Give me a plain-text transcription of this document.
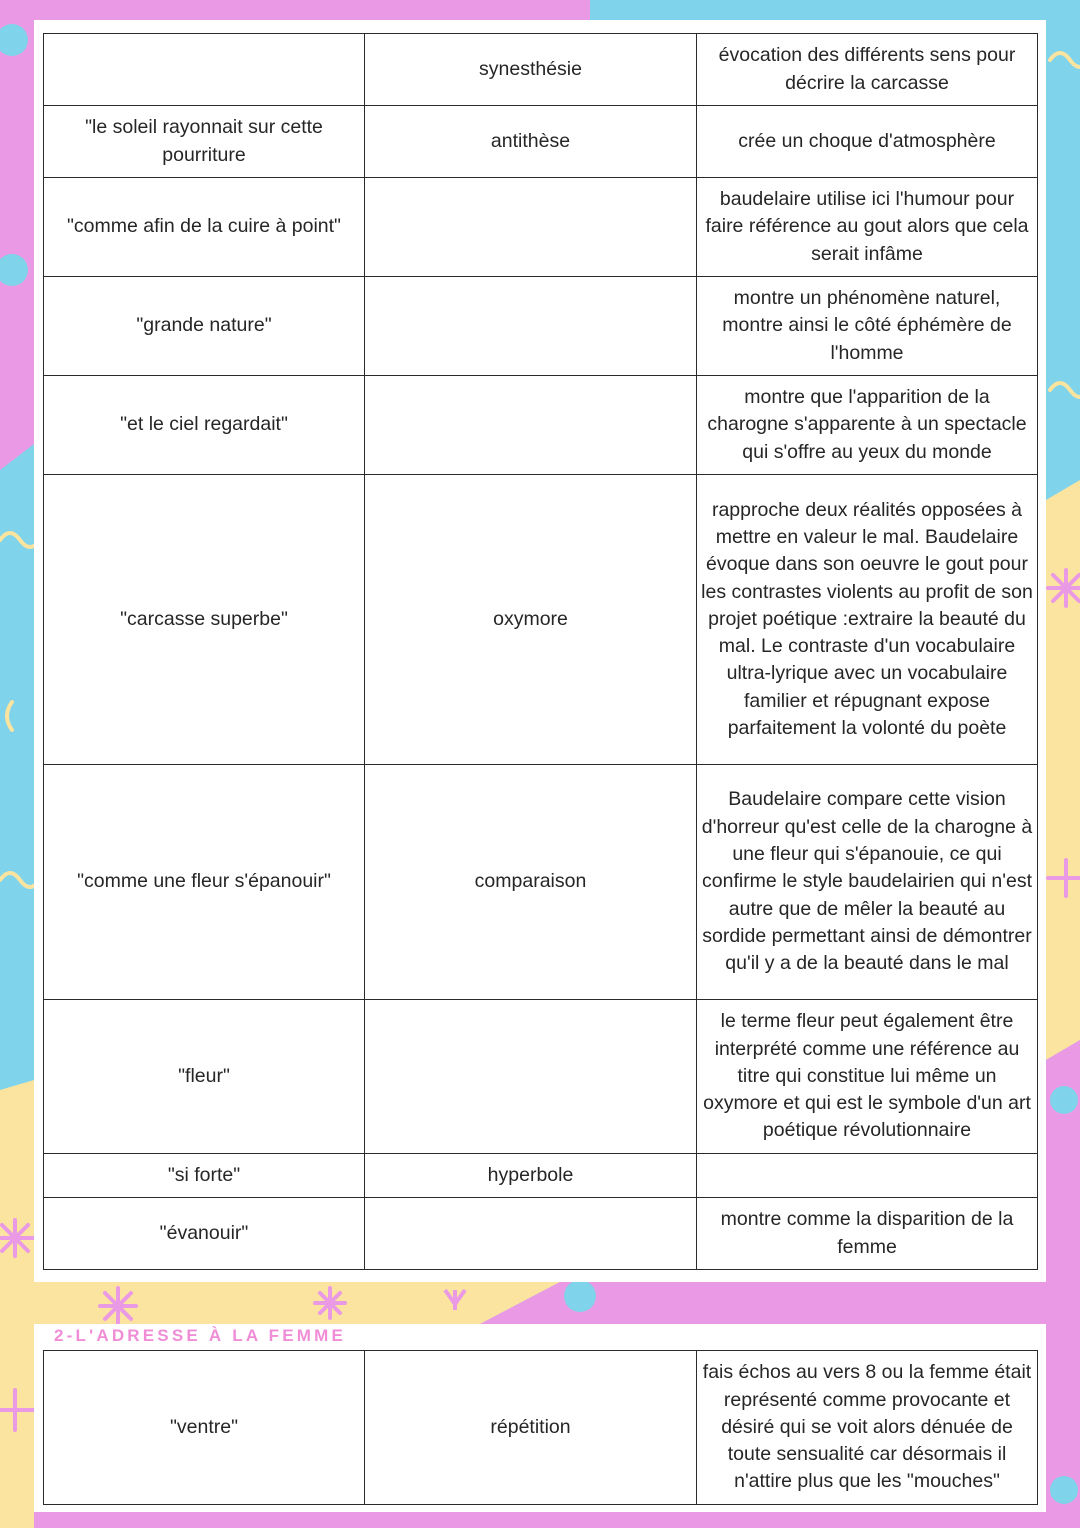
	synesthésie	évocation des différents sens pour décrire la carcasse
"le soleil rayonnait sur cette pourriture	antithèse	crée un choque d'atmosphère
"comme afin de la cuire à point"		baudelaire utilise ici l'humour pour faire référence au gout alors que cela serait infâme
"grande nature"		montre un phénomène naturel, montre ainsi le côté éphémère de l'homme
"et le ciel regardait"		montre que l'apparition de la charogne s'apparente à un spectacle qui s'offre au yeux du monde
"carcasse superbe"	oxymore	rapproche deux réalités opposées à mettre en valeur le mal. Baudelaire évoque dans son oeuvre le gout pour les contrastes violents au profit de son projet poétique :extraire la beauté du mal. Le contraste d'un vocabulaire ultra-lyrique avec un vocabulaire familier et répugnant expose parfaitement la volonté du poète
"comme une fleur s'épanouir"	comparaison	Baudelaire compare cette vision d'horreur qu'est celle de la charogne à une fleur qui s'épanouie, ce qui confirme le style baudelairien qui n'est autre que de mêler la beauté au sordide permettant ainsi de démontrer qu'il y a de la beauté dans le mal
"fleur"		le terme fleur peut également être interprété comme une référence au titre qui constitue lui même un oxymore et qui est le symbole d'un art poétique révolutionnaire
"si forte"	hyperbole	
"évanouir"		montre comme la disparition de la femme
2-L'ADRESSE À LA FEMME
"ventre"	répétition	fais échos au vers 8 ou la femme était représenté comme provocante et désiré qui se voit alors dénuée de toute sensualité car désormais il n'attire plus que les "mouches"
